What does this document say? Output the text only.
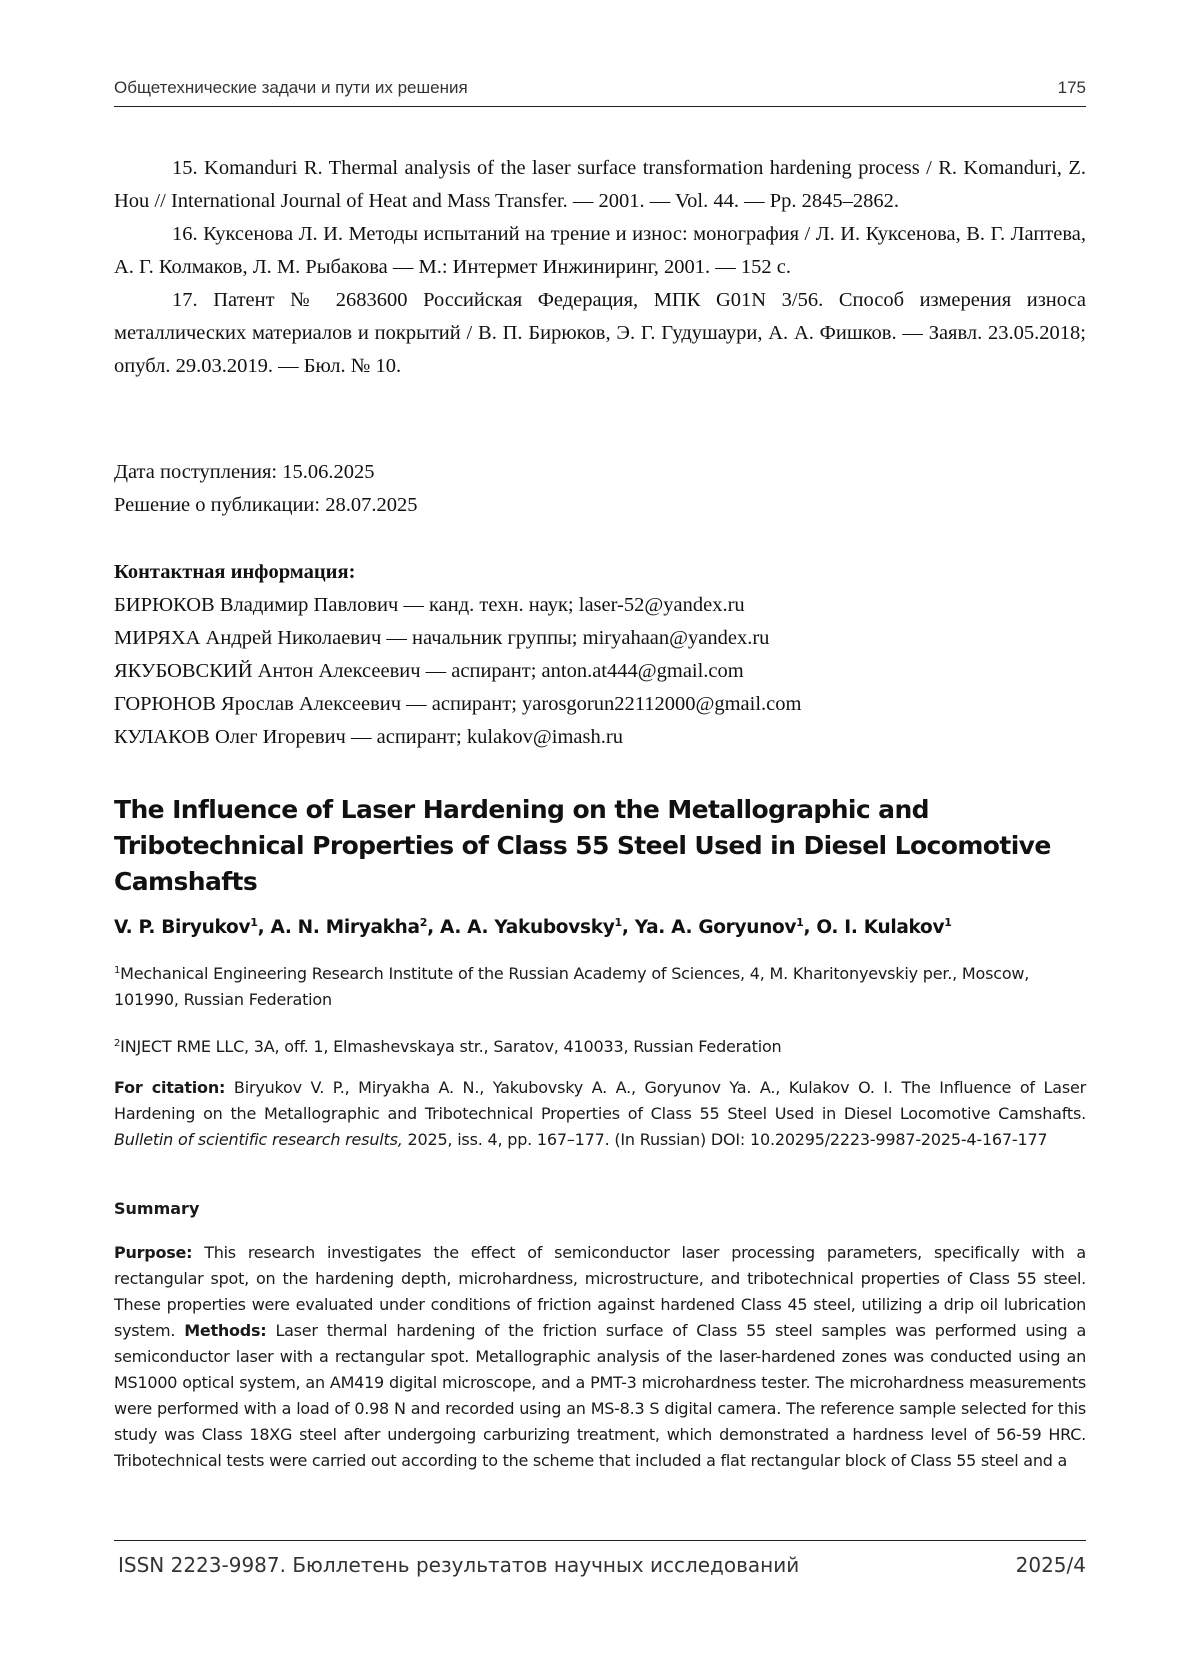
Общетехнические задачи и пути их решения	175

15. Komanduri R. Thermal analysis of the laser surface transformation hardening process / R. Komanduri, Z. Hou // International Journal of Heat and Mass Transfer. — 2001. — Vol. 44. — Pp. 2845–2862.

16. Куксенова Л. И. Методы испытаний на трение и износ: монография / Л. И. Куксенова, В. Г. Лаптева, А. Г. Колмаков, Л. М. Рыбакова — М.: Интермет Инжиниринг, 2001. — 152 с.

17. Патент № 2683600 Российская Федерация, МПК G01N 3/56. Способ измерения износа металлических материалов и покрытий / В. П. Бирюков, Э. Г. Гудушаури, А. А. Фишков. — Заявл. 23.05.2018; опубл. 29.03.2019. — Бюл. № 10.

Дата поступления: 15.06.2025
Решение о публикации: 28.07.2025
Контактная информация:
БИРЮКОВ Владимир Павлович — канд. техн. наук; laser-52@yandex.ru
МИРЯХА Андрей Николаевич — начальник группы; miryahaan@yandex.ru
ЯКУБОВСКИЙ Антон Алексеевич — аспирант; anton.at444@gmail.com
ГОРЮНОВ Ярослав Алексеевич — аспирант; yarosgorun22112000@gmail.com
КУЛАКОВ Олег Игоревич — аспирант; kulakov@imash.ru
The Influence of Laser Hardening on the Metallographic and Tribotechnical Properties of Class 55 Steel Used in Diesel Locomotive Camshafts
V. P. Biryukov$^1$, A. N. Miryakha$^2$, A. A. Yakubovsky$^1$, Ya. A. Goryunov$^1$, O. I. Kulakov$^1$
$^1$Mechanical Engineering Research Institute of the Russian Academy of Sciences, 4, M. Kharitonyevskiy per., Moscow, 101990, Russian Federation
$^2$INJECT RME LLC, 3A, off. 1, Elmashevskaya str., Saratov, 410033, Russian Federation

For citation: Biryukov V. P., Miryakha A. N., Yakubovsky A. A., Goryunov Ya. A., Kulakov O. I. The Influence of Laser Hardening on the Metallographic and Tribotechnical Properties of Class 55 Steel Used in Diesel Locomotive Camshafts. Bulletin of scientific research results, 2025, iss. 4, pp. 167–177. (In Russian) DOI: 10.20295/2223-9987-2025-4-167-177

Summary

Purpose: This research investigates the effect of semiconductor laser processing parameters, specifically with a rectangular spot, on the hardening depth, microhardness, microstructure, and tribotechnical properties of Class 55 steel. These properties were evaluated under conditions of friction against hardened Class 45 steel, utilizing a drip oil lubrication system. Methods: Laser thermal hardening of the friction surface of Class 55 steel samples was performed using a semiconductor laser with a rectangular spot. Metallographic analysis of the laser-hardened zones was conducted using an MS1000 optical system, an AM419 digital microscope, and a PMT-3 microhardness tester. The microhardness measurements were performed with a load of 0.98 N and recorded using an MS-8.3 S digital camera. The reference sample selected for this study was Class 18XG steel after undergoing carburizing treatment, which demonstrated a hardness level of 56-59 HRC. Tribotechnical tests were carried out according to the scheme that included a flat rectangular block of Class 55 steel and a

ISSN 2223-9987. Бюллетень результатов научных исследований	2025/4
